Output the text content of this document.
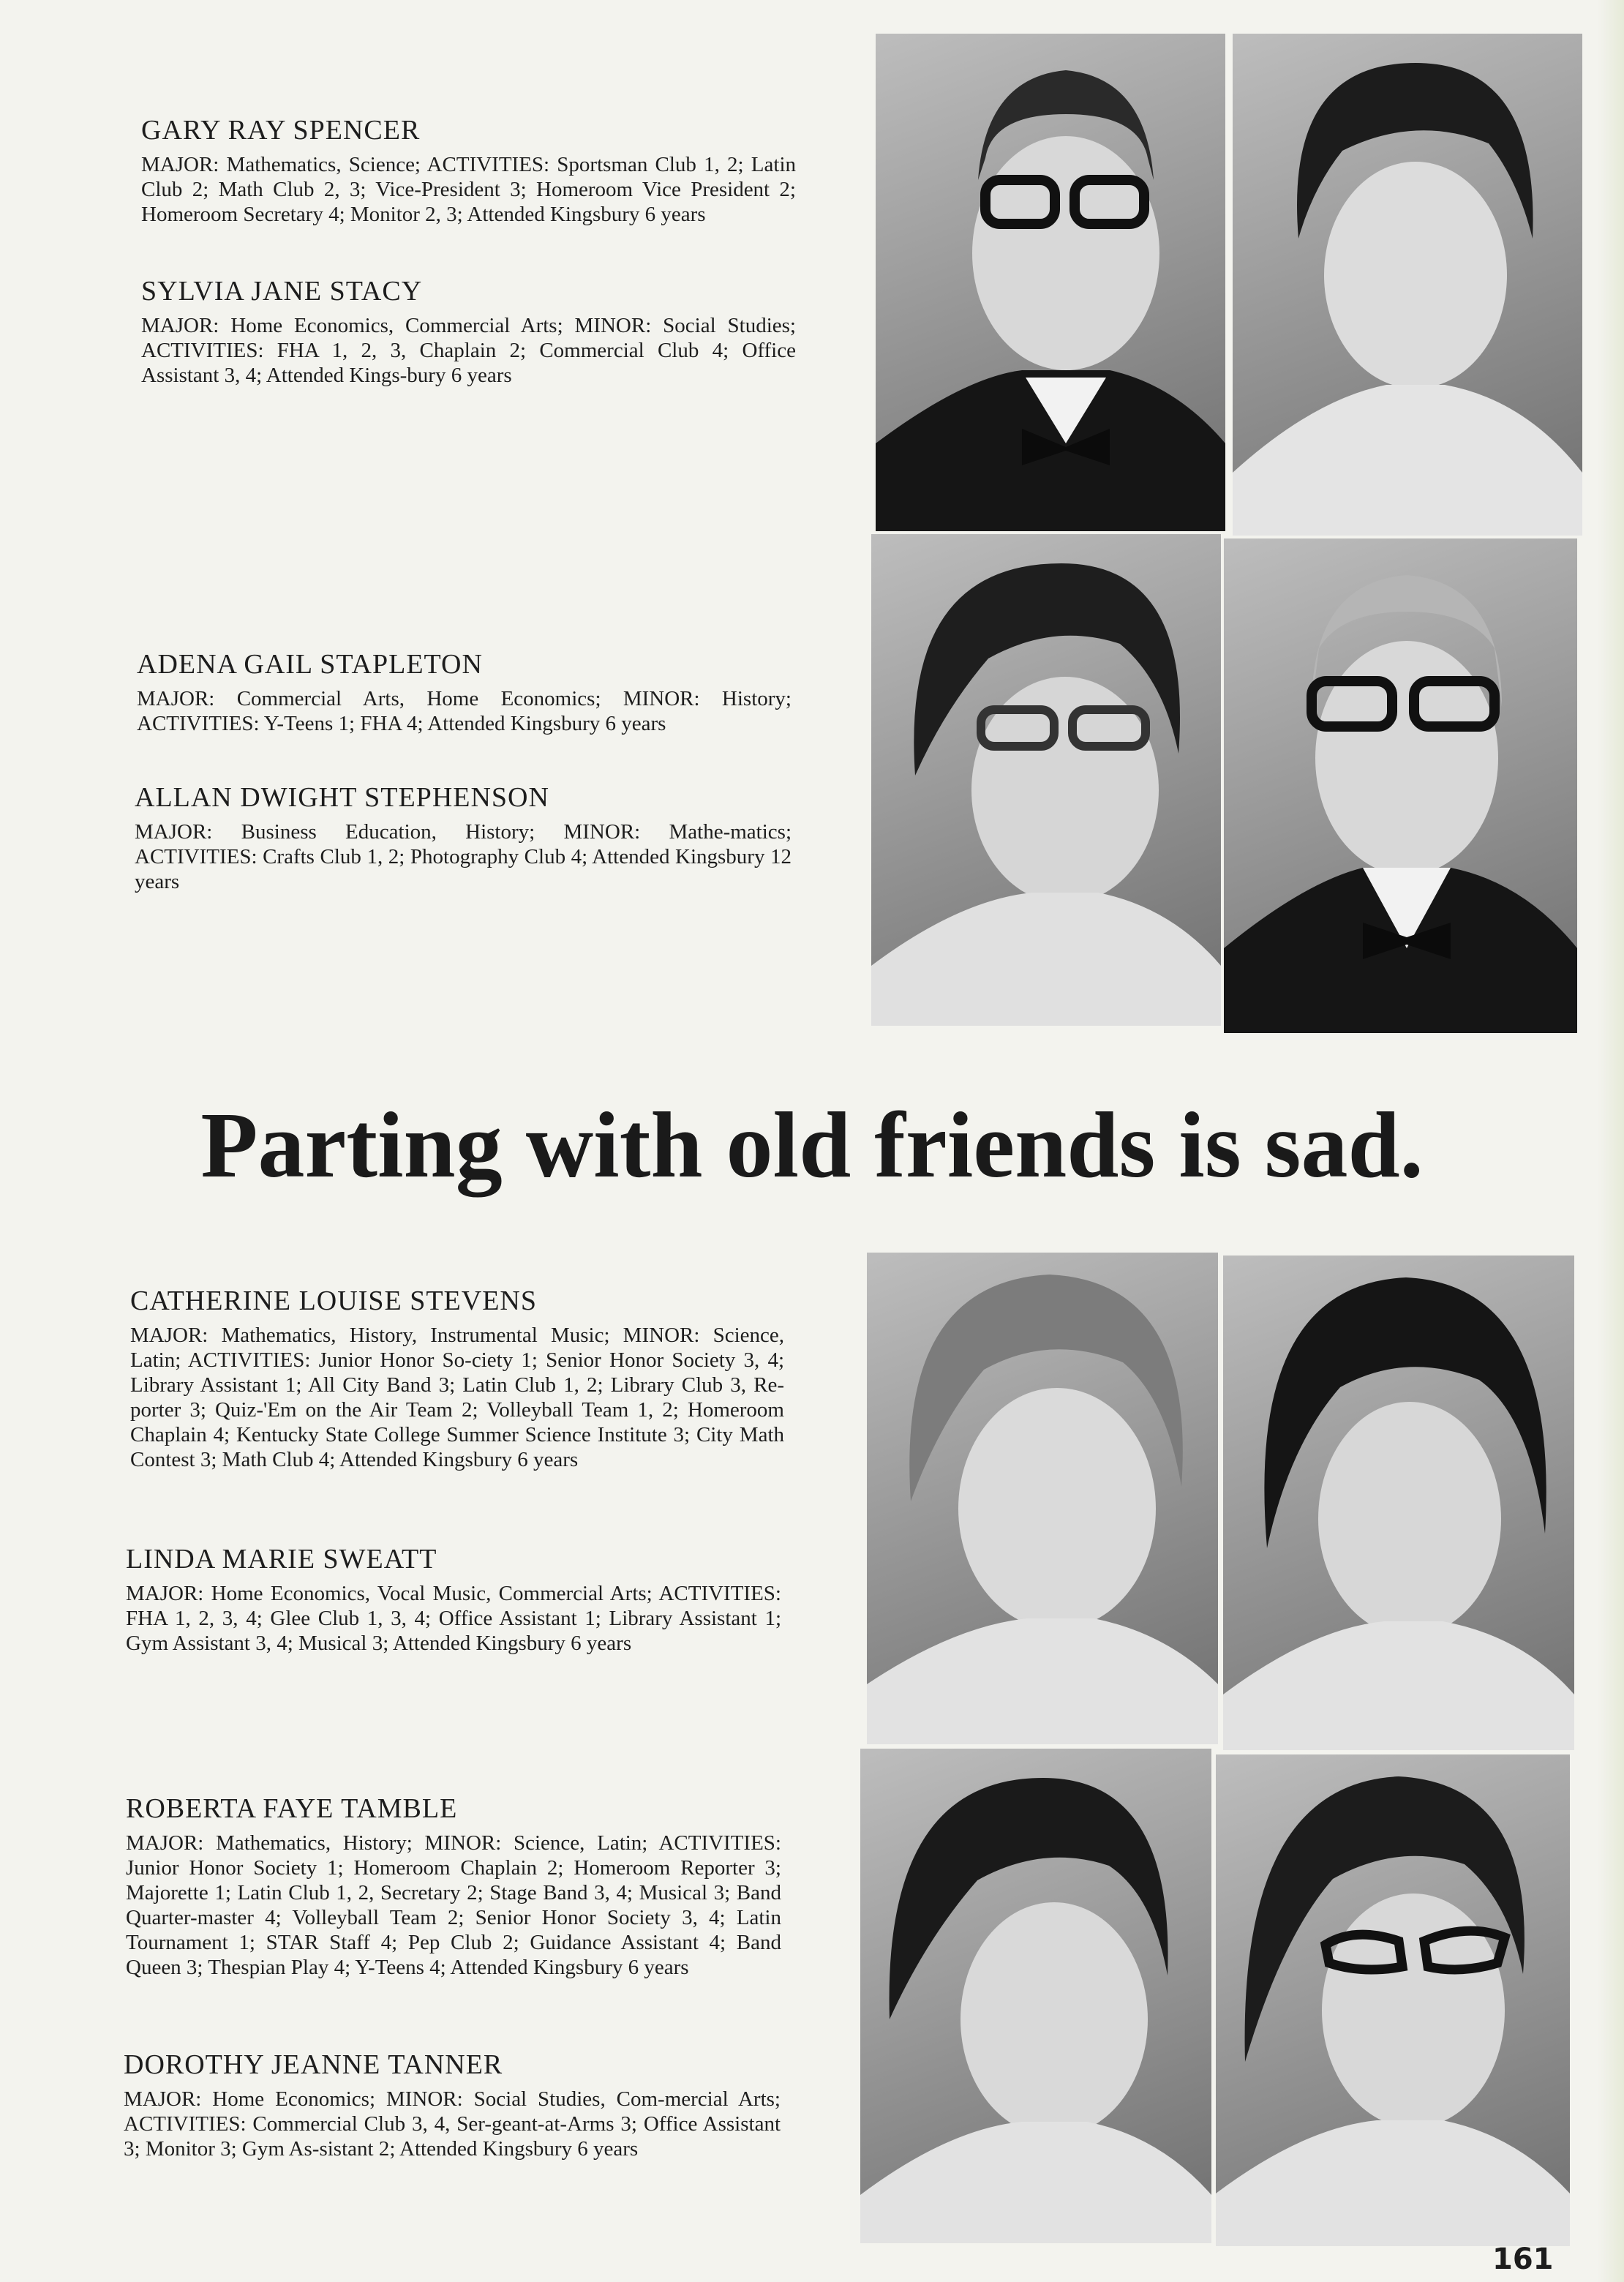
GARY RAY SPENCER

MAJOR: Mathematics, Science; ACTIVITIES: Sportsman Club 1, 2; Latin Club 2; Math Club 2, 3; Vice-President 3; Homeroom Vice President 2; Homeroom Secretary 4; Monitor 2, 3; Attended Kingsbury 6 years

SYLVIA JANE STACY

MAJOR: Home Economics, Commercial Arts; MINOR: Social Studies; ACTIVITIES: FHA 1, 2, 3, Chaplain 2; Commercial Club 4; Office Assistant 3, 4; Attended Kings-bury 6 years

ADENA GAIL STAPLETON

MAJOR: Commercial Arts, Home Economics; MINOR: History; ACTIVITIES: Y-Teens 1; FHA 4; Attended Kingsbury 6 years

ALLAN DWIGHT STEPHENSON

MAJOR: Business Education, History; MINOR: Mathe-matics; ACTIVITIES: Crafts Club 1, 2; Photography Club 4; Attended Kingsbury 12 years

Parting with old friends is sad.

CATHERINE LOUISE STEVENS

MAJOR: Mathematics, History, Instrumental Music; MINOR: Science, Latin; ACTIVITIES: Junior Honor So-ciety 1; Senior Honor Society 3, 4; Library Assistant 1; All City Band 3; Latin Club 1, 2; Library Club 3, Re-porter 3; Quiz-'Em on the Air Team 2; Volleyball Team 1, 2; Homeroom Chaplain 4; Kentucky State College Summer Science Institute 3; City Math Contest 3; Math Club 4; Attended Kingsbury 6 years

LINDA MARIE SWEATT

MAJOR: Home Economics, Vocal Music, Commercial Arts; ACTIVITIES: FHA 1, 2, 3, 4; Glee Club 1, 3, 4; Office Assistant 1; Library Assistant 1; Gym Assistant 3, 4; Musical 3; Attended Kingsbury 6 years

ROBERTA FAYE TAMBLE

MAJOR: Mathematics, History; MINOR: Science, Latin; ACTIVITIES: Junior Honor Society 1; Homeroom Chaplain 2; Homeroom Reporter 3; Majorette 1; Latin Club 1, 2, Secretary 2; Stage Band 3, 4; Musical 3; Band Quarter-master 4; Volleyball Team 2; Senior Honor Society 3, 4; Latin Tournament 1; STAR Staff 4; Pep Club 2; Guidance Assistant 4; Band Queen 3; Thespian Play 4; Y-Teens 4; Attended Kingsbury 6 years

DOROTHY JEANNE TANNER

MAJOR: Home Economics; MINOR: Social Studies, Com-mercial Arts; ACTIVITIES: Commercial Club 3, 4, Ser-geant-at-Arms 3; Office Assistant 3; Monitor 3; Gym As-sistant 2; Attended Kingsbury 6 years

161
